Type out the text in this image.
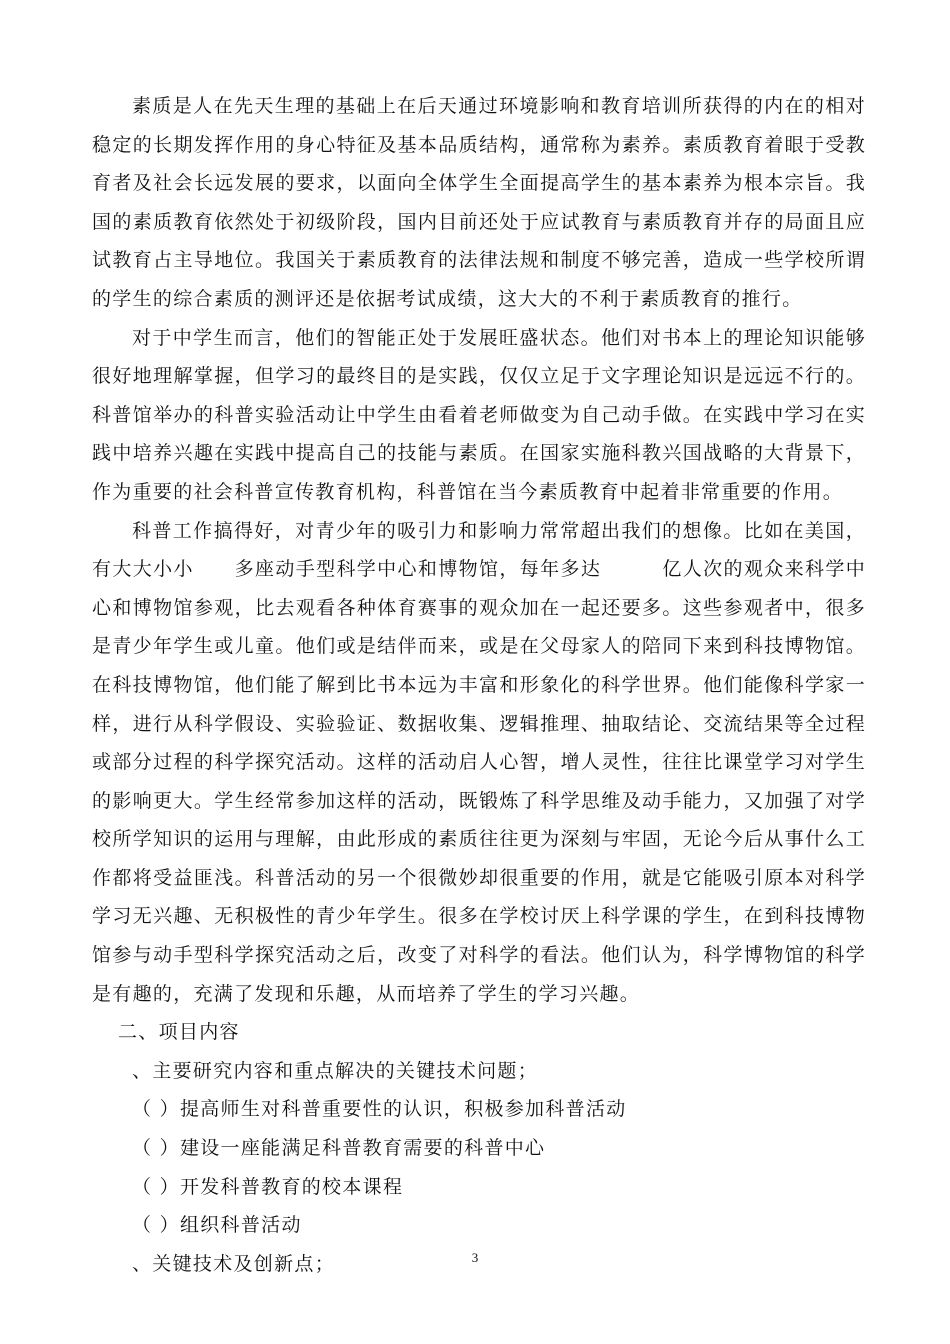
素质是人在先天生理的基础上在后天通过环境影响和教育培训所获得的内在的相对稳定的长期发挥作用的身心特征及基本品质结构，通常称为素养。素质教育着眼于受教育者及社会长远发展的要求，以面向全体学生全面提高学生的基本素养为根本宗旨。我国的素质教育依然处于初级阶段，国内目前还处于应试教育与素质教育并存的局面且应试教育占主导地位。我国关于素质教育的法律法规和制度不够完善，造成一些学校所谓的学生的综合素质的测评还是依据考试成绩，这大大的不利于素质教育的推行。

对于中学生而言，他们的智能正处于发展旺盛状态。他们对书本上的理论知识能够很好地理解掌握，但学习的最终目的是实践，仅仅立足于文字理论知识是远远不行的。科普馆举办的科普实验活动让中学生由看着老师做变为自己动手做。在实践中学习在实践中培养兴趣在实践中提高自己的技能与素质。在国家实施科教兴国战略的大背景下，作为重要的社会科普宣传教育机构，科普馆在当今素质教育中起着非常重要的作用。

科普工作搞得好，对青少年的吸引力和影响力常常超出我们的想像。比如在美国，有大大小小　　多座动手型科学中心和博物馆，每年多达　　　亿人次的观众来科学中心和博物馆参观，比去观看各种体育赛事的观众加在一起还要多。这些参观者中，很多是青少年学生或儿童。他们或是结伴而来，或是在父母家人的陪同下来到科技博物馆。在科技博物馆，他们能了解到比书本远为丰富和形象化的科学世界。他们能像科学家一样，进行从科学假设、实验验证、数据收集、逻辑推理、抽取结论、交流结果等全过程或部分过程的科学探究活动。这样的活动启人心智，增人灵性，往往比课堂学习对学生的影响更大。学生经常参加这样的活动，既锻炼了科学思维及动手能力，又加强了对学校所学知识的运用与理解，由此形成的素质往往更为深刻与牢固，无论今后从事什么工作都将受益匪浅。科普活动的另一个很微妙却很重要的作用，就是它能吸引原本对科学学习无兴趣、无积极性的青少年学生。很多在学校讨厌上科学课的学生，在到科技博物馆参与动手型科学探究活动之后，改变了对科学的看法。他们认为，科学博物馆的科学是有趣的，充满了发现和乐趣，从而培养了学生的学习兴趣。

二、项目内容

、主要研究内容和重点解决的关键技术问题；
（ ）提高师生对科普重要性的认识，积极参加科普活动
（ ）建设一座能满足科普教育需要的科普中心
（ ）开发科普教育的校本课程
（ ）组织科普活动
、关键技术及创新点；	3
